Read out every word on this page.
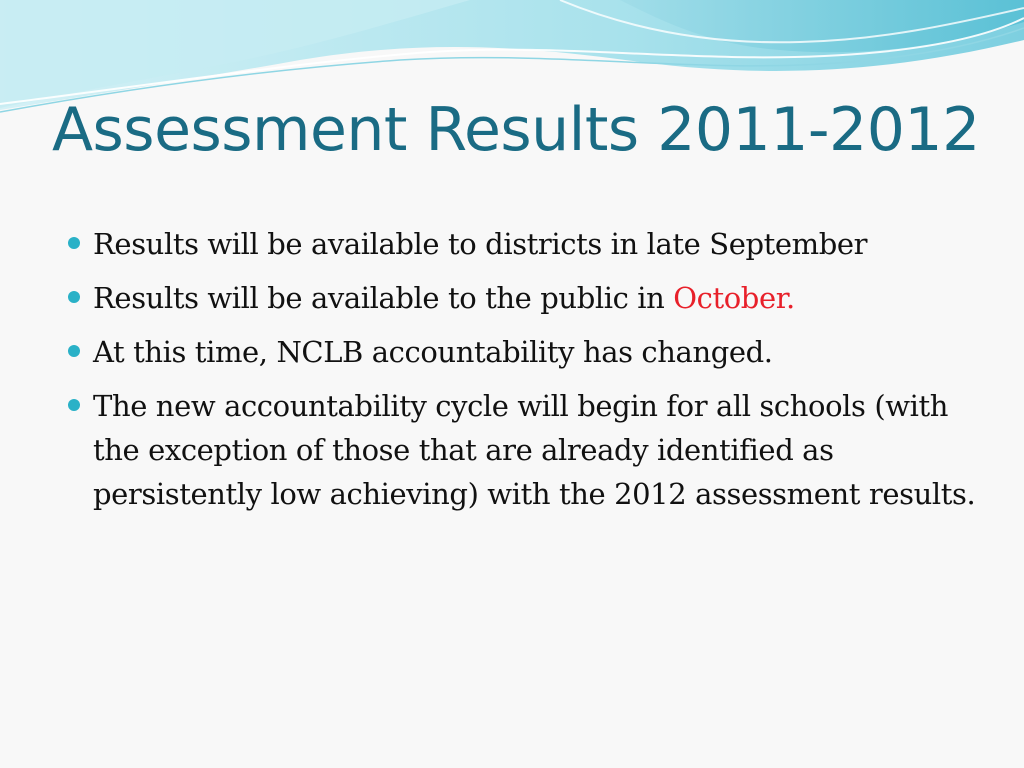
Assessment Results 2011-2012
Results will be available to districts in late September
Results will be available to the public in October.
At this time, NCLB accountability has changed.
The new accountability cycle will begin for all schools (with the exception of those that are already identified as persistently low achieving) with the 2012 assessment results.
